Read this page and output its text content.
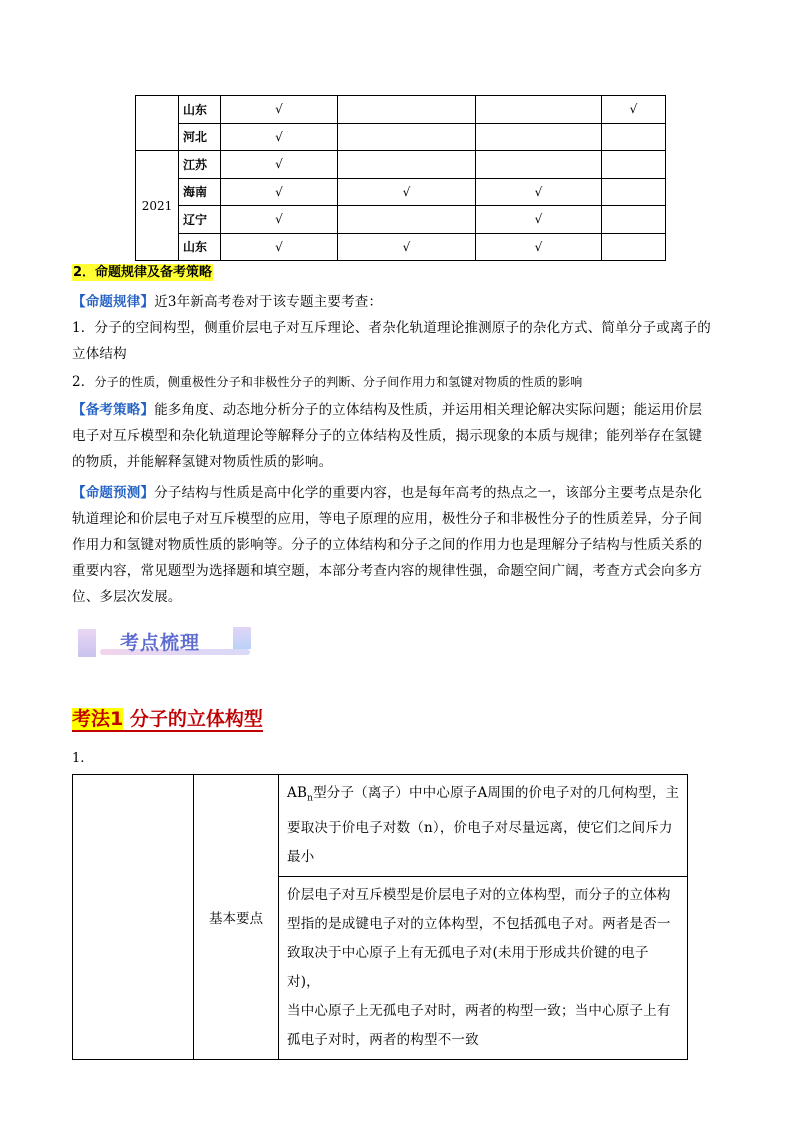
	山东	√			√
	河北	√			
2021	江苏	√			
	海南	√	√	√	
	辽宁	√		√	
	山东	√	√	√	
2．命题规律及备考策略
【命题规律】近3年新高考卷对于该专题主要考查：
1．分子的空间构型，侧重价层电子对互斥理论、者杂化轨道理论推测原子的杂化方式、简单分子或离子的
立体结构
2．分子的性质，侧重极性分子和非极性分子的判断、分子间作用力和氢键对物质的性质的影响
【备考策略】能多角度、动态地分析分子的立体结构及性质，并运用相关理论解决实际问题；能运用价层
电子对互斥模型和杂化轨道理论等解释分子的立体结构及性质，揭示现象的本质与规律；能列举存在氢键
的物质，并能解释氢键对物质性质的影响。
【命题预测】分子结构与性质是高中化学的重要内容，也是每年高考的热点之一，该部分主要考点是杂化
轨道理论和价层电子对互斥模型的应用，等电子原理的应用，极性分子和非极性分子的性质差异，分子间
作用力和氢键对物质性质的影响等。分子的立体结构和分子之间的作用力也是理解分子结构与性质关系的
重要内容，常见题型为选择题和填空题，本部分考查内容的规律性强，命题空间广阔，考查方式会向多方
位、多层次发展。
考点梳理
考法1 分子的立体构型
1.
	基本要点	
$AB_n$型分子（离子）中中心原子A周围的价电子对的几何构型，主
要取决于价电子对数（n），价电子对尽量远离，使它们之间斥力
最小

价层电子对互斥模型是价层电子对的立体构型，而分子的立体构
型指的是成键电子对的立体构型，不包括孤电子对。两者是否一
致取决于中心原子上有无孤电子对(未用于形成共价键的电子对)，
当中心原子上无孤电子对时，两者的构型一致；当中心原子上有
孤电子对时，两者的构型不一致
